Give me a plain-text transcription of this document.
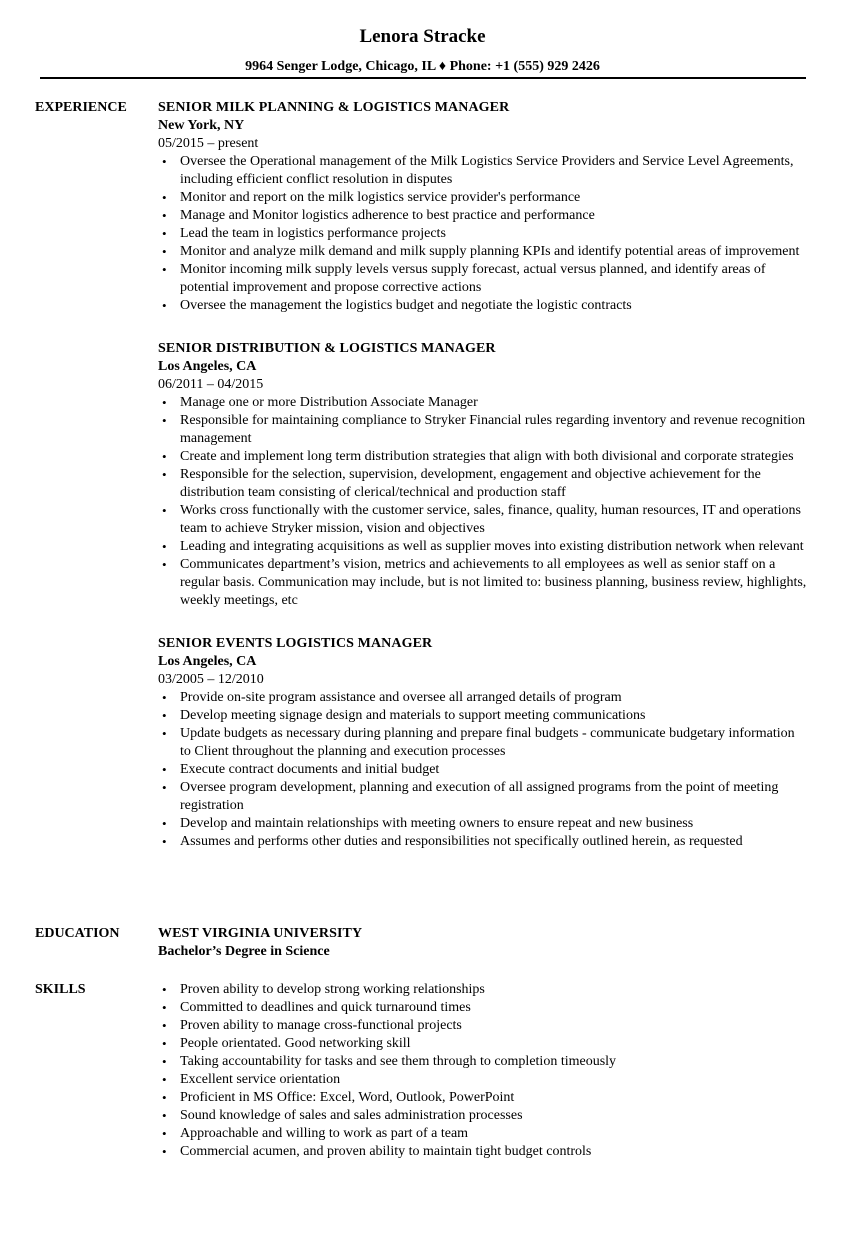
Lenora Stracke
9964 Senger Lodge, Chicago, IL ♦ Phone: +1 (555) 929 2426
EXPERIENCE SENIOR MILK PLANNING & LOGISTICS MANAGER
New York, NY
05/2015 – present
• Oversee the Operational management of the Milk Logistics Service Providers and Service Level Agreements, including efficient conflict resolution in disputes
• Monitor and report on the milk logistics service provider's performance
• Manage and Monitor logistics adherence to best practice and performance
• Lead the team in logistics performance projects
• Monitor and analyze milk demand and milk supply planning KPIs and identify potential areas of improvement
• Monitor incoming milk supply levels versus supply forecast, actual versus planned, and identify areas of potential improvement and propose corrective actions
• Oversee the management the logistics budget and negotiate the logistic contracts
SENIOR DISTRIBUTION & LOGISTICS MANAGER
Los Angeles, CA
06/2011 – 04/2015
• Manage one or more Distribution Associate Manager
• Responsible for maintaining compliance to Stryker Financial rules regarding inventory and revenue recognition management
• Create and implement long term distribution strategies that align with both divisional and corporate strategies
• Responsible for the selection, supervision, development, engagement and objective achievement for the distribution team consisting of clerical/technical and production staff
• Works cross functionally with the customer service, sales, finance, quality, human resources, IT and operations team to achieve Stryker mission, vision and objectives
• Leading and integrating acquisitions as well as supplier moves into existing distribution network when relevant
• Communicates department’s vision, metrics and achievements to all employees as well as senior staff on a regular basis. Communication may include, but is not limited to: business planning, business review, highlights, weekly meetings, etc
SENIOR EVENTS LOGISTICS MANAGER
Los Angeles, CA
03/2005 – 12/2010
• Provide on-site program assistance and oversee all arranged details of program
• Develop meeting signage design and materials to support meeting communications
• Update budgets as necessary during planning and prepare final budgets - communicate budgetary information to Client throughout the planning and execution processes
• Execute contract documents and initial budget
• Oversee program development, planning and execution of all assigned programs from the point of meeting registration
• Develop and maintain relationships with meeting owners to ensure repeat and new business
• Assumes and performs other duties and responsibilities not specifically outlined herein, as requested
EDUCATION	WEST VIRGINIA UNIVERSITY
Bachelor’s Degree in Science
SKILLS	• Proven ability to develop strong working relationships
• Committed to deadlines and quick turnaround times
• Proven ability to manage cross-functional projects
• People orientated. Good networking skill
• Taking accountability for tasks and see them through to completion timeously
• Excellent service orientation
• Proficient in MS Office: Excel, Word, Outlook, PowerPoint
• Sound knowledge of sales and sales administration processes
• Approachable and willing to work as part of a team
• Commercial acumen, and proven ability to maintain tight budget controls
